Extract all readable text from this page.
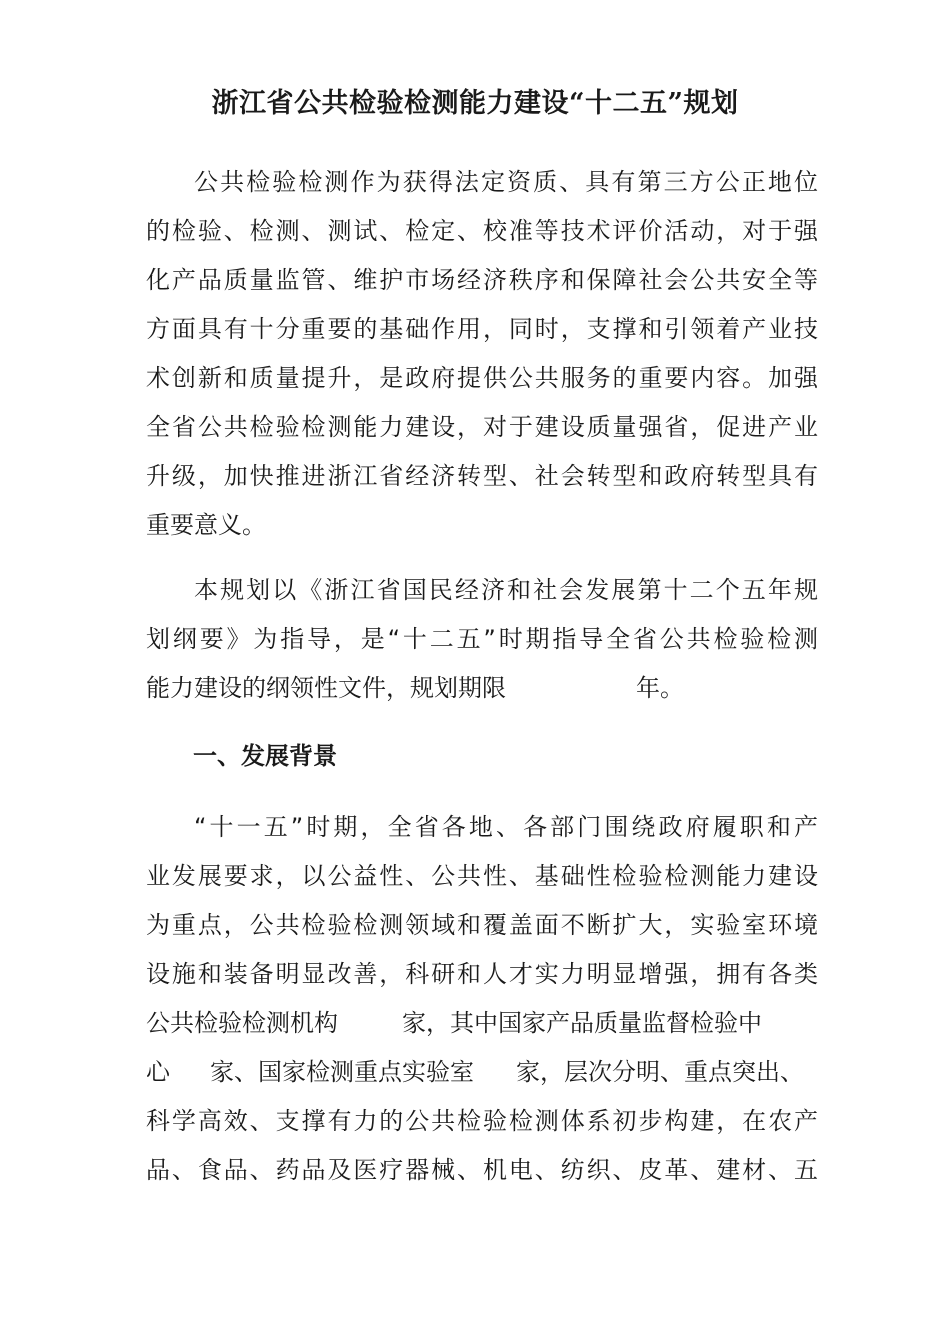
浙江省公共检验检测能力建设“十二五”规划
公共检验检测作为获得法定资质、具有第三方公正地位
的检验、检测、测试、检定、校准等技术评价活动，对于强
化产品质量监管、维护市场经济秩序和保障社会公共安全等
方面具有十分重要的基础作用，同时，支撑和引领着产业技
术创新和质量提升，是政府提供公共服务的重要内容。加强
全省公共检验检测能力建设，对于建设质量强省，促进产业
升级，加快推进浙江省经济转型、社会转型和政府转型具有
重要意义。
本规划以《浙江省国民经济和社会发展第十二个五年规
划纲要》为指导，是“十二五”时期指导全省公共检验检测
能力建设的纲领性文件，规划期限	年。
一、发展背景
“十一五”时期，全省各地、各部门围绕政府履职和产
业发展要求，以公益性、公共性、基础性检验检测能力建设
为重点，公共检验检测领域和覆盖面不断扩大，实验室环境
设施和装备明显改善，科研和人才实力明显增强，拥有各类
公共检验检测机构	家，其中国家产品质量监督检验中
心 家、国家检测重点实验室 家，层次分明、重点突出、
科学高效、支撑有力的公共检验检测体系初步构建，在农产
品、食品、药品及医疗器械、机电、纺织、皮革、建材、五
